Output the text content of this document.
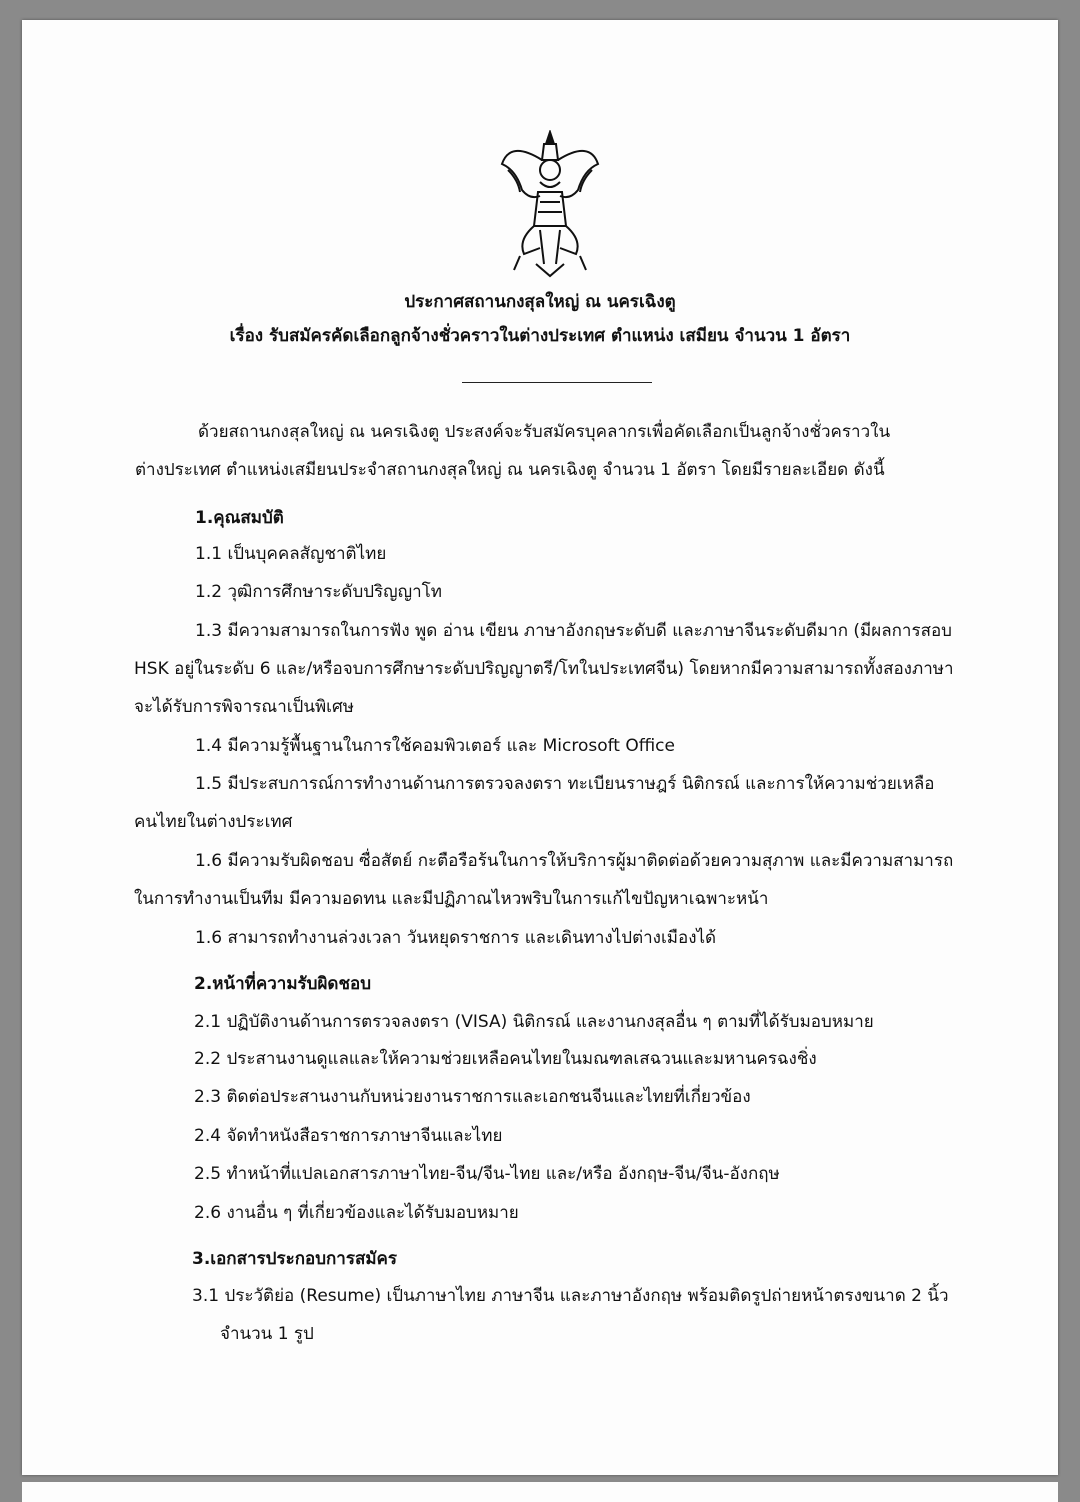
ประกาศสถานกงสุลใหญ่ ณ นครเฉิงตู
เรื่อง รับสมัครคัดเลือกลูกจ้างชั่วคราวในต่างประเทศ ตำแหน่ง เสมียน จำนวน 1 อัตรา
ด้วยสถานกงสุลใหญ่ ณ นครเฉิงตู ประสงค์จะรับสมัครบุคลากรเพื่อคัดเลือกเป็นลูกจ้างชั่วคราวใน
ต่างประเทศ ตำแหน่งเสมียนประจำสถานกงสุลใหญ่ ณ นครเฉิงตู จำนวน 1 อัตรา โดยมีรายละเอียด ดังนี้
1.คุณสมบัติ
1.1 เป็นบุคคลสัญชาติไทย
1.2 วุฒิการศึกษาระดับปริญญาโท
1.3 มีความสามารถในการฟัง พูด อ่าน เขียน ภาษาอังกฤษระดับดี และภาษาจีนระดับดีมาก (มีผลการสอบ
HSK อยู่ในระดับ 6 และ/หรือจบการศึกษาระดับปริญญาตรี/โทในประเทศจีน) โดยหากมีความสามารถทั้งสองภาษา
จะได้รับการพิจารณาเป็นพิเศษ
1.4 มีความรู้พื้นฐานในการใช้คอมพิวเตอร์ และ Microsoft Office
1.5 มีประสบการณ์การทำงานด้านการตรวจลงตรา ทะเบียนราษฎร์ นิติกรณ์ และการให้ความช่วยเหลือ
คนไทยในต่างประเทศ
1.6 มีความรับผิดชอบ ซื่อสัตย์ กะตือรือร้นในการให้บริการผู้มาติดต่อด้วยความสุภาพ และมีความสามารถ
ในการทำงานเป็นทีม มีความอดทน และมีปฏิภาณไหวพริบในการแก้ไขปัญหาเฉพาะหน้า
1.6 สามารถทำงานล่วงเวลา วันหยุดราชการ และเดินทางไปต่างเมืองได้
2.หน้าที่ความรับผิดชอบ
2.1 ปฏิบัติงานด้านการตรวจลงตรา (VISA) นิติกรณ์ และงานกงสุลอื่น ๆ ตามที่ได้รับมอบหมาย
2.2 ประสานงานดูแลและให้ความช่วยเหลือคนไทยในมณฑลเสฉวนและมหานครฉงชิ่ง
2.3 ติดต่อประสานงานกับหน่วยงานราชการและเอกชนจีนและไทยที่เกี่ยวข้อง
2.4 จัดทำหนังสือราชการภาษาจีนและไทย
2.5 ทำหน้าที่แปลเอกสารภาษาไทย-จีน/จีน-ไทย และ/หรือ อังกฤษ-จีน/จีน-อังกฤษ
2.6 งานอื่น ๆ ที่เกี่ยวข้องและได้รับมอบหมาย
3.เอกสารประกอบการสมัคร
3.1 ประวัติย่อ (Resume) เป็นภาษาไทย ภาษาจีน และภาษาอังกฤษ พร้อมติดรูปถ่ายหน้าตรงขนาด 2 นิ้ว
จำนวน 1 รูป
